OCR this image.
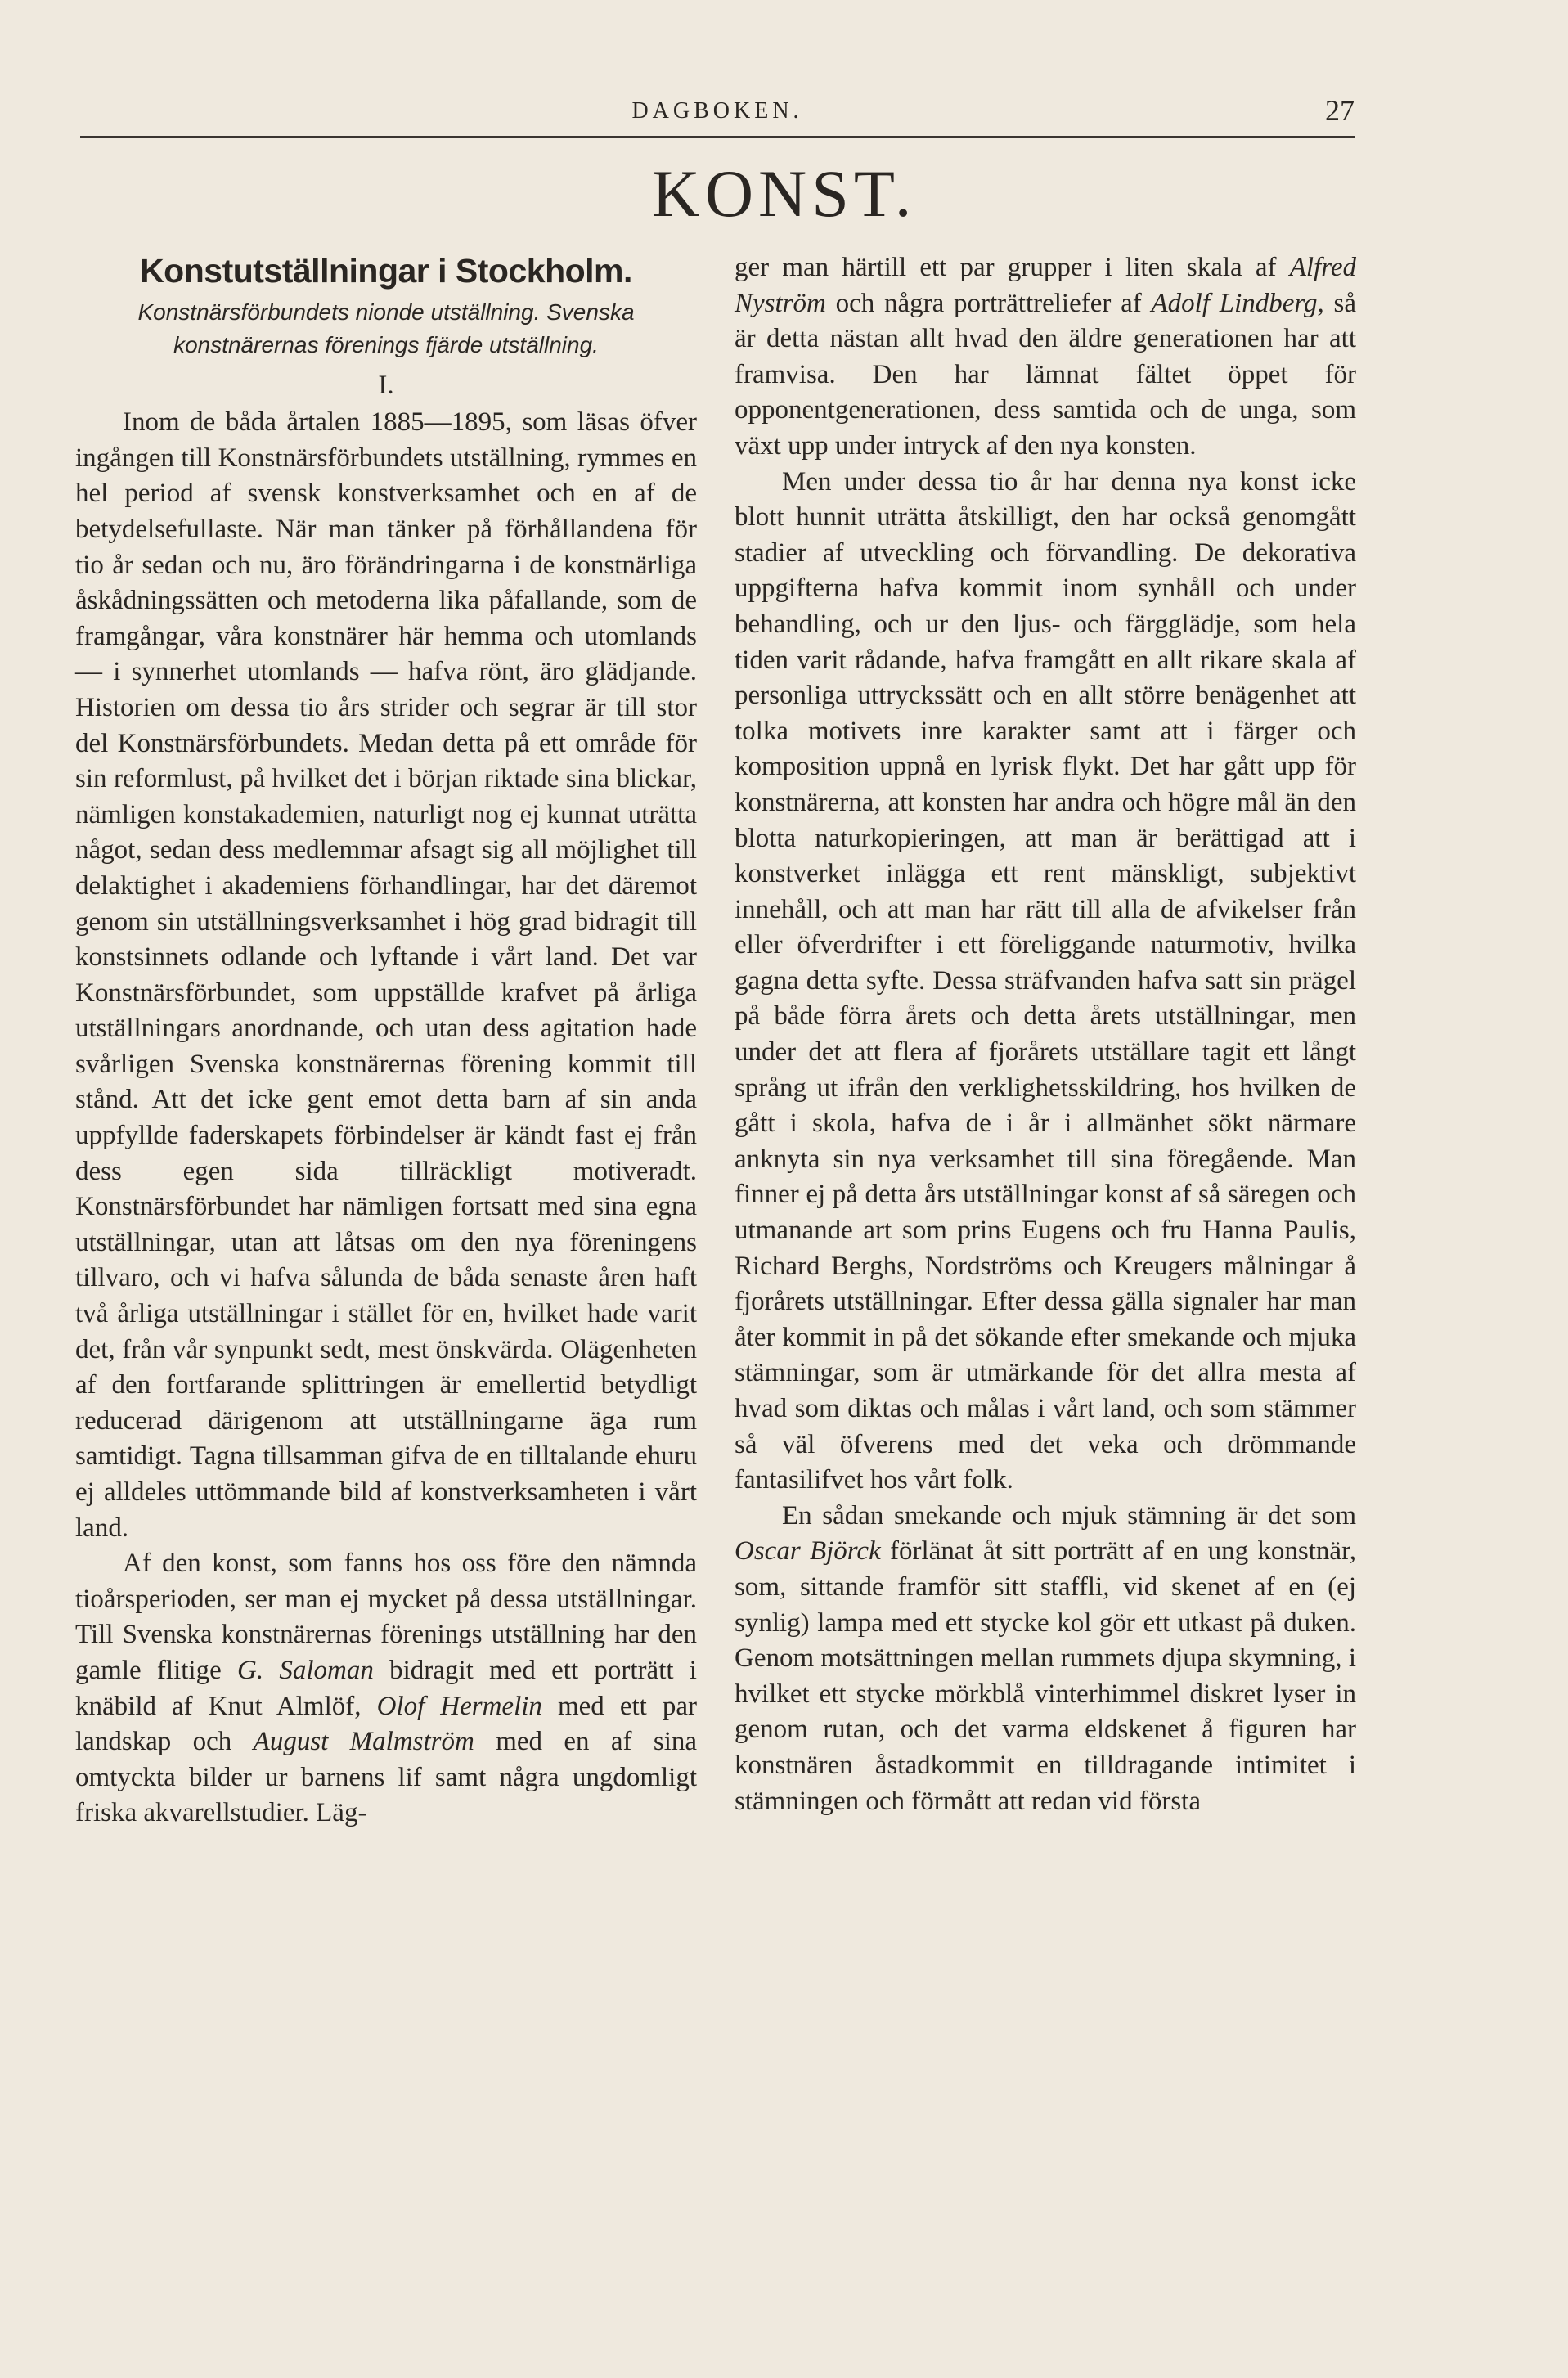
DAGBOKEN.	27
KONST.
Konstutställningar i Stockholm.
Konstnärsförbundets nionde utställning. Svenska konstnärernas förenings fjärde utställning.
I.

Inom de båda årtalen 1885—1895, som läsas öfver ingången till Konstnärsförbundets utställning, rymmes en hel period af svensk konstverksamhet och en af de betydelsefullaste. När man tänker på förhållandena för tio år sedan och nu, äro förändringarna i de konstnärliga åskådningssätten och metoderna lika påfallande, som de framgångar, våra konstnärer här hemma och utomlands — i synnerhet utomlands — hafva rönt, äro glädjande. Historien om dessa tio års strider och segrar är till stor del Konstnärsförbundets. Medan detta på ett område för sin reformlust, på hvilket det i början riktade sina blickar, nämligen konstakademien, naturligt nog ej kunnat uträtta något, sedan dess medlemmar afsagt sig all möjlighet till delaktighet i akademiens förhandlingar, har det däremot genom sin utställningsverksamhet i hög grad bidragit till konstsinnets odlande och lyftande i vårt land. Det var Konstnärsförbundet, som uppställde krafvet på årliga utställningars anordnande, och utan dess agitation hade svårligen Svenska konstnärernas förening kommit till stånd. Att det icke gent emot detta barn af sin anda uppfyllde faderskapets förbindelser är kändt fast ej från dess egen sida tillräckligt motiveradt. Konstnärsförbundet har nämligen fortsatt med sina egna utställningar, utan att låtsas om den nya föreningens tillvaro, och vi hafva sålunda de båda senaste åren haft två årliga utställningar i stället för en, hvilket hade varit det, från vår synpunkt sedt, mest önskvärda. Olägenheten af den fortfarande splittringen är emellertid betydligt reducerad därigenom att utställningarne äga rum samtidigt. Tagna tillsamman gifva de en tilltalande ehuru ej alldeles uttömmande bild af konstverksamheten i vårt land.

Af den konst, som fanns hos oss före den nämnda tioårsperioden, ser man ej mycket på dessa utställningar. Till Svenska konstnärernas förenings utställning har den gamle flitige G. Saloman bidragit med ett porträtt i knäbild af Knut Almlöf, Olof Hermelin med ett par landskap och August Malmström med en af sina omtyckta bilder ur barnens lif samt några ungdomligt friska akvarellstudier. Läg-

ger man härtill ett par grupper i liten skala af Alfred Nyström och några porträttreliefer af Adolf Lindberg, så är detta nästan allt hvad den äldre generationen har att framvisa. Den har lämnat fältet öppet för opponentgenerationen, dess samtida och de unga, som växt upp under intryck af den nya konsten.

Men under dessa tio år har denna nya konst icke blott hunnit uträtta åtskilligt, den har också genomgått stadier af utveckling och förvandling. De dekorativa uppgifterna hafva kommit inom synhåll och under behandling, och ur den ljus- och färgglädje, som hela tiden varit rådande, hafva framgått en allt rikare skala af personliga uttryckssätt och en allt större benägenhet att tolka motivets inre karakter samt att i färger och komposition uppnå en lyrisk flykt. Det har gått upp för konstnärerna, att konsten har andra och högre mål än den blotta naturkopieringen, att man är berättigad att i konstverket inlägga ett rent mänskligt, subjektivt innehåll, och att man har rätt till alla de afvikelser från eller öfverdrifter i ett föreliggande naturmotiv, hvilka gagna detta syfte. Dessa sträfvanden hafva satt sin prägel på både förra årets och detta årets utställningar, men under det att flera af fjorårets utställare tagit ett långt språng ut ifrån den verklighetsskildring, hos hvilken de gått i skola, hafva de i år i allmänhet sökt närmare anknyta sin nya verksamhet till sina föregående. Man finner ej på detta års utställningar konst af så säregen och utmanande art som prins Eugens och fru Hanna Paulis, Richard Berghs, Nordströms och Kreugers målningar å fjorårets utställningar. Efter dessa gälla signaler har man åter kommit in på det sökande efter smekande och mjuka stämningar, som är utmärkande för det allra mesta af hvad som diktas och målas i vårt land, och som stämmer så väl öfverens med det veka och drömmande fantasilifvet hos vårt folk.

En sådan smekande och mjuk stämning är det som Oscar Björck förlänat åt sitt porträtt af en ung konstnär, som, sittande framför sitt staffli, vid skenet af en (ej synlig) lampa med ett stycke kol gör ett utkast på duken. Genom motsättningen mellan rummets djupa skymning, i hvilket ett stycke mörkblå vinterhimmel diskret lyser in genom rutan, och det varma eldskenet å figuren har konstnären åstadkommit en tilldragande intimitet i stämningen och förmått att redan vid första
